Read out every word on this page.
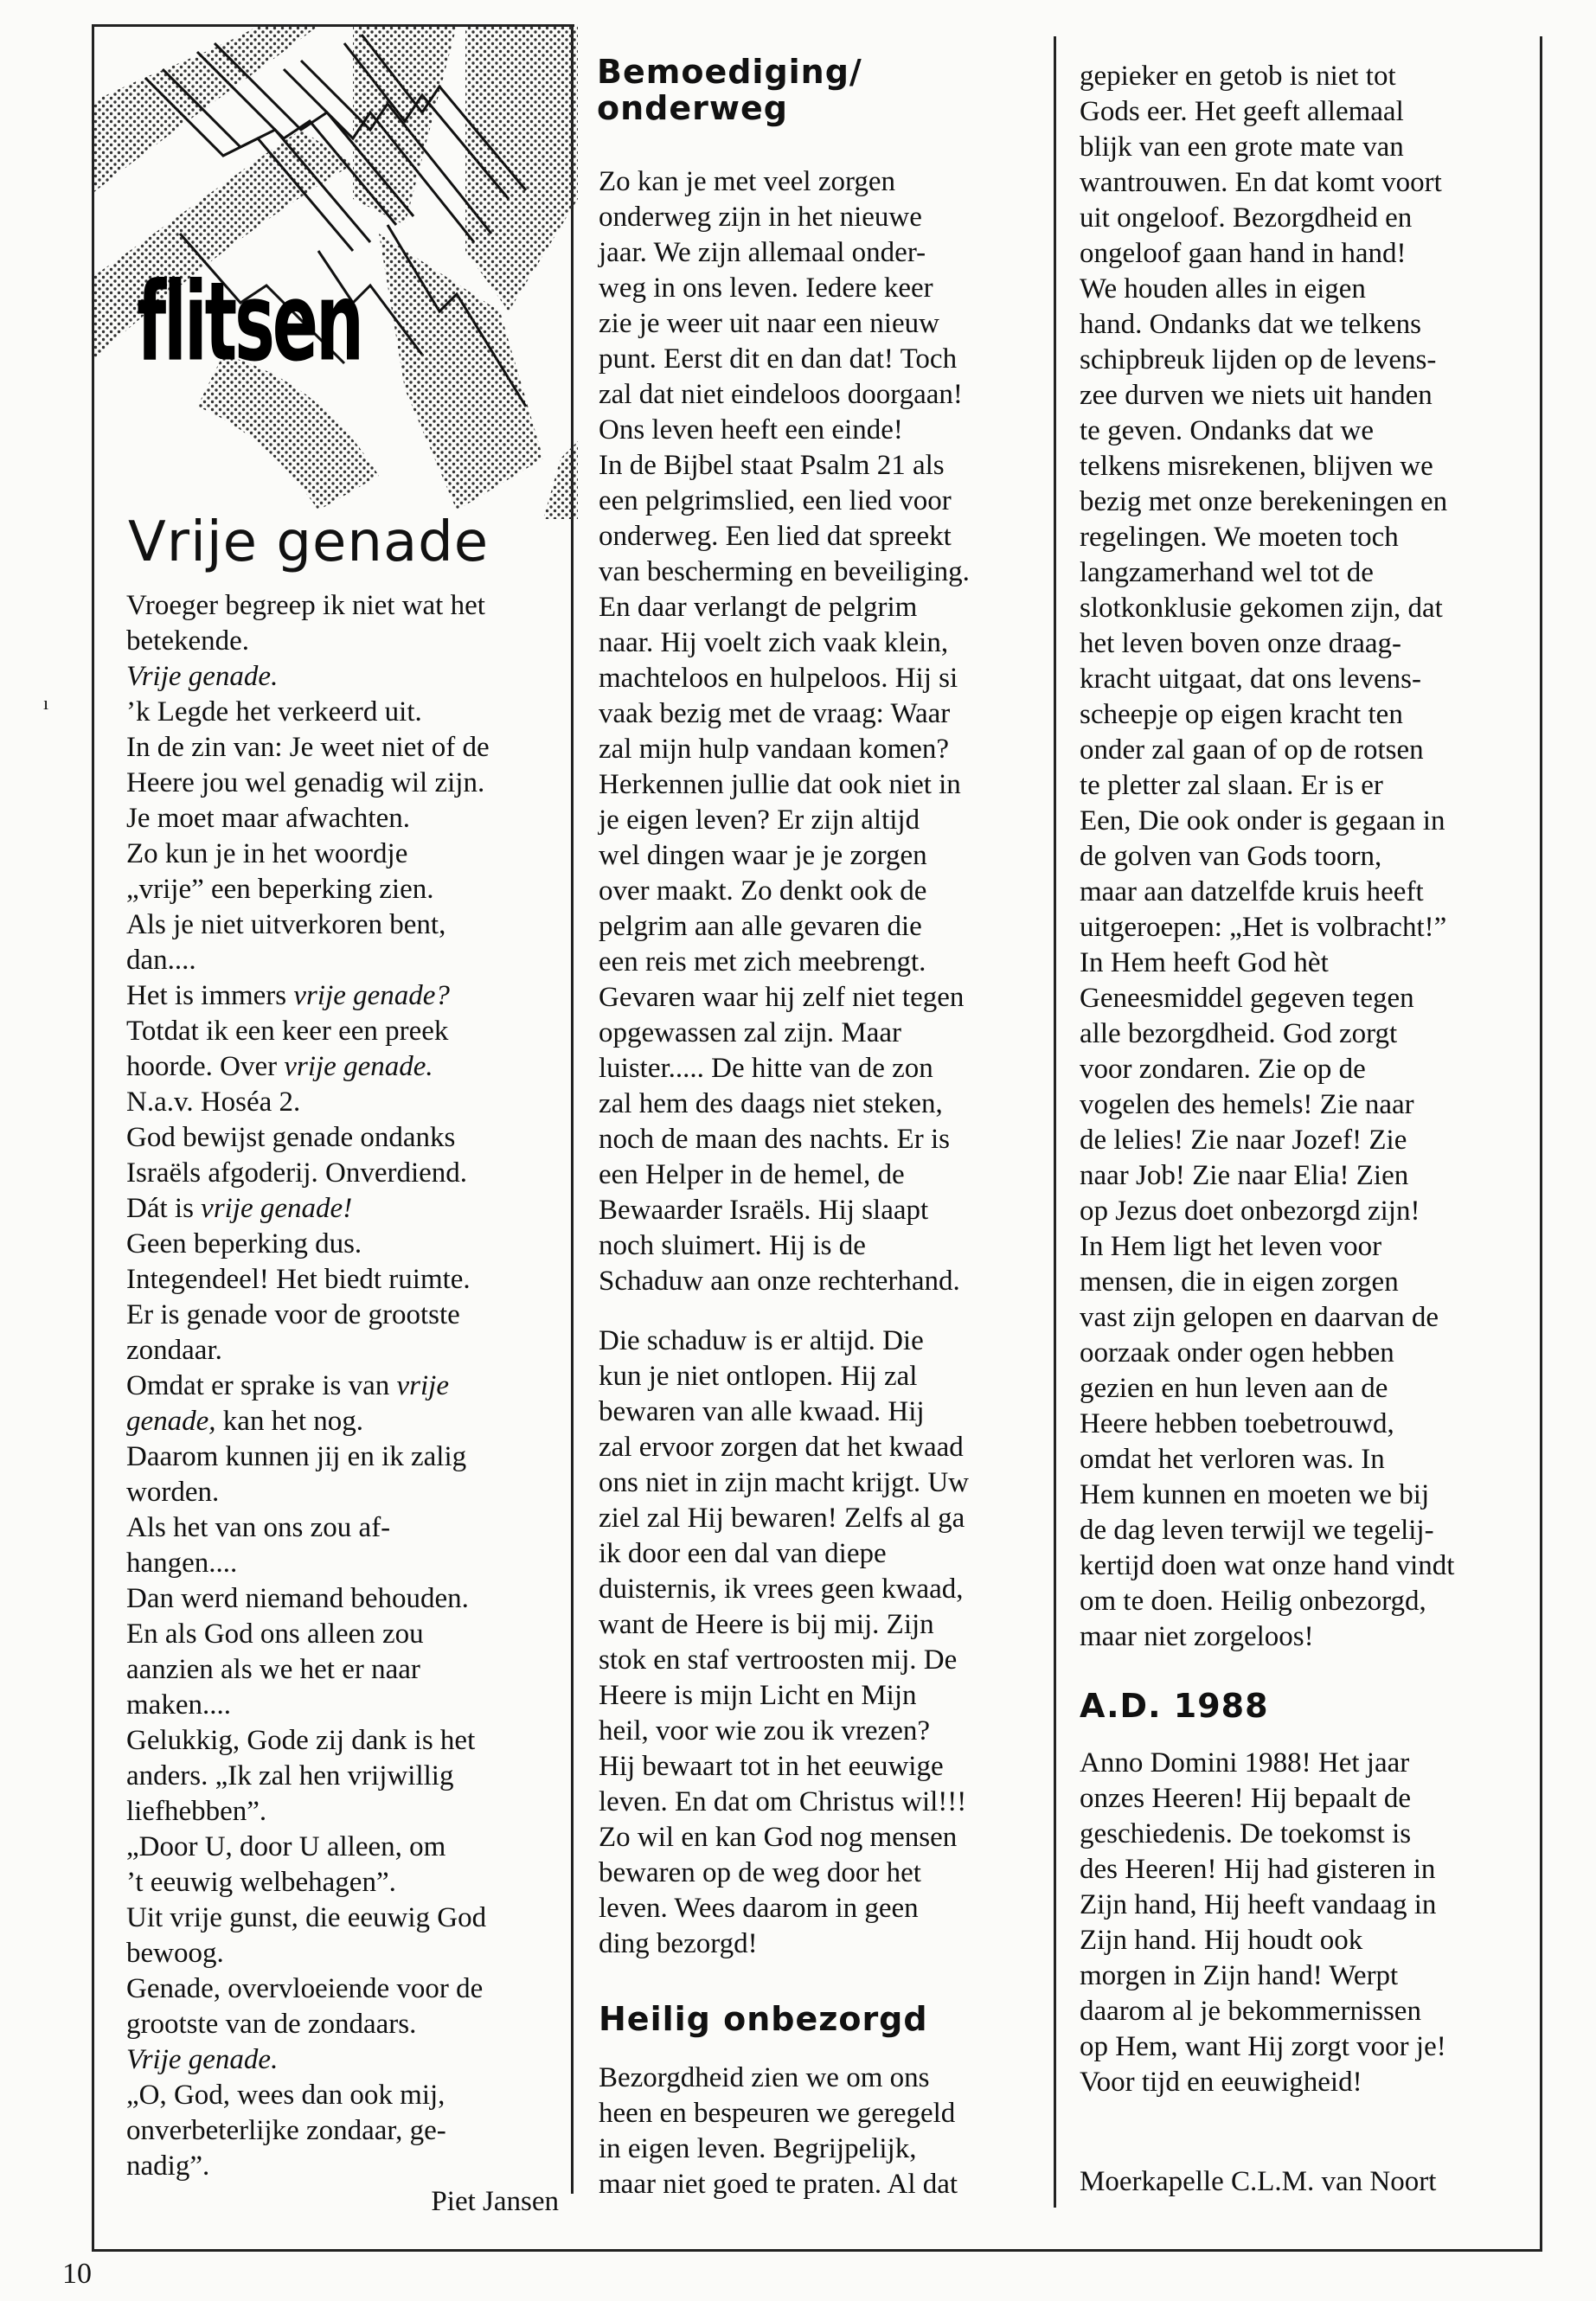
flitsen
Vrije genade

Vroeger begreep ik niet wat het

betekende.

Vrije genade.

’k Legde het verkeerd uit.

In de zin van: Je weet niet of de

Heere jou wel genadig wil zijn.

Je moet maar afwachten.

Zo kun je in het woordje

„vrije” een beperking zien.

Als je niet uitverkoren bent,

dan....

Het is immers vrije genade?

Totdat ik een keer een preek

hoorde. Over vrije genade.

N.a.v. Hoséa 2.

God bewijst genade ondanks

Israëls afgoderij. Onverdiend.

Dát is vrije genade!

Geen beperking dus.

Integendeel! Het biedt ruimte.

Er is genade voor de grootste

zondaar.

Omdat er sprake is van vrije

genade, kan het nog.

Daarom kunnen jij en ik zalig

worden.

Als het van ons zou af-

hangen....

Dan werd niemand behouden.

En als God ons alleen zou

aanzien als we het er naar

maken....

Gelukkig, Gode zij dank is het

anders. „Ik zal hen vrijwillig

liefhebben”.

„Door U, door U alleen, om

’t eeuwig welbehagen”.

Uit vrije gunst, die eeuwig God

bewoog.

Genade, overvloeiende voor de

grootste van de zondaars.

Vrije genade.

„O, God, wees dan ook mij,

onverbeterlijke zondaar, ge-

nadig”.

Piet Jansen

Bemoediging/
onderweg

Zo kan je met veel zorgen

onderweg zijn in het nieuwe

jaar. We zijn allemaal onder-

weg in ons leven. Iedere keer

zie je weer uit naar een nieuw

punt. Eerst dit en dan dat! Toch

zal dat niet eindeloos doorgaan!

Ons leven heeft een einde!

In de Bijbel staat Psalm 21 als

een pelgrimslied, een lied voor

onderweg. Een lied dat spreekt

van bescherming en beveiliging.

En daar verlangt de pelgrim

naar. Hij voelt zich vaak klein,

machteloos en hulpeloos. Hij si

vaak bezig met de vraag: Waar

zal mijn hulp vandaan komen?

Herkennen jullie dat ook niet in

je eigen leven? Er zijn altijd

wel dingen waar je je zorgen

over maakt. Zo denkt ook de

pelgrim aan alle gevaren die

een reis met zich meebrengt.

Gevaren waar hij zelf niet tegen

opgewassen zal zijn. Maar

luister..... De hitte van de zon

zal hem des daags niet steken,

noch de maan des nachts. Er is

een Helper in de hemel, de

Bewaarder Israëls. Hij slaapt

noch sluimert. Hij is de

Schaduw aan onze rechterhand.

Die schaduw is er altijd. Die

kun je niet ontlopen. Hij zal

bewaren van alle kwaad. Hij

zal ervoor zorgen dat het kwaad

ons niet in zijn macht krijgt. Uw

ziel zal Hij bewaren! Zelfs al ga

ik door een dal van diepe

duisternis, ik vrees geen kwaad,

want de Heere is bij mij. Zijn

stok en staf vertroosten mij. De

Heere is mijn Licht en Mijn

heil, voor wie zou ik vrezen?

Hij bewaart tot in het eeuwige

leven. En dat om Christus wil!!!

Zo wil en kan God nog mensen

bewaren op de weg door het

leven. Wees daarom in geen

ding bezorgd!

Heilig onbezorgd

Bezorgdheid zien we om ons

heen en bespeuren we geregeld

in eigen leven. Begrijpelijk,

maar niet goed te praten. Al dat

gepieker en getob is niet tot

Gods eer. Het geeft allemaal

blijk van een grote mate van

wantrouwen. En dat komt voort

uit ongeloof. Bezorgdheid en

ongeloof gaan hand in hand!

We houden alles in eigen

hand. Ondanks dat we telkens

schipbreuk lijden op de levens-

zee durven we niets uit handen

te geven. Ondanks dat we

telkens misrekenen, blijven we

bezig met onze berekeningen en

regelingen. We moeten toch

langzamerhand wel tot de

slotkonklusie gekomen zijn, dat

het leven boven onze draag-

kracht uitgaat, dat ons levens-

scheepje op eigen kracht ten

onder zal gaan of op de rotsen

te pletter zal slaan. Er is er

Een, Die ook onder is gegaan in

de golven van Gods toorn,

maar aan datzelfde kruis heeft

uitgeroepen: „Het is volbracht!”

In Hem heeft God hèt

Geneesmiddel gegeven tegen

alle bezorgdheid. God zorgt

voor zondaren. Zie op de

vogelen des hemels! Zie naar

de lelies! Zie naar Jozef! Zie

naar Job! Zie naar Elia! Zien

op Jezus doet onbezorgd zijn!

In Hem ligt het leven voor

mensen, die in eigen zorgen

vast zijn gelopen en daarvan de

oorzaak onder ogen hebben

gezien en hun leven aan de

Heere hebben toebetrouwd,

omdat het verloren was. In

Hem kunnen en moeten we bij

de dag leven terwijl we tegelij-

kertijd doen wat onze hand vindt

om te doen. Heilig onbezorgd,

maar niet zorgeloos!

A.D. 1988

Anno Domini 1988! Het jaar

onzes Heeren! Hij bepaalt de

geschiedenis. De toekomst is

des Heeren! Hij had gisteren in

Zijn hand, Hij heeft vandaag in

Zijn hand. Hij houdt ook

morgen in Zijn hand! Werpt

daarom al je bekommernissen

op Hem, want Hij zorgt voor je!

Voor tijd en eeuwigheid!

Moerkapelle C.L.M. van Noort

ı
10
